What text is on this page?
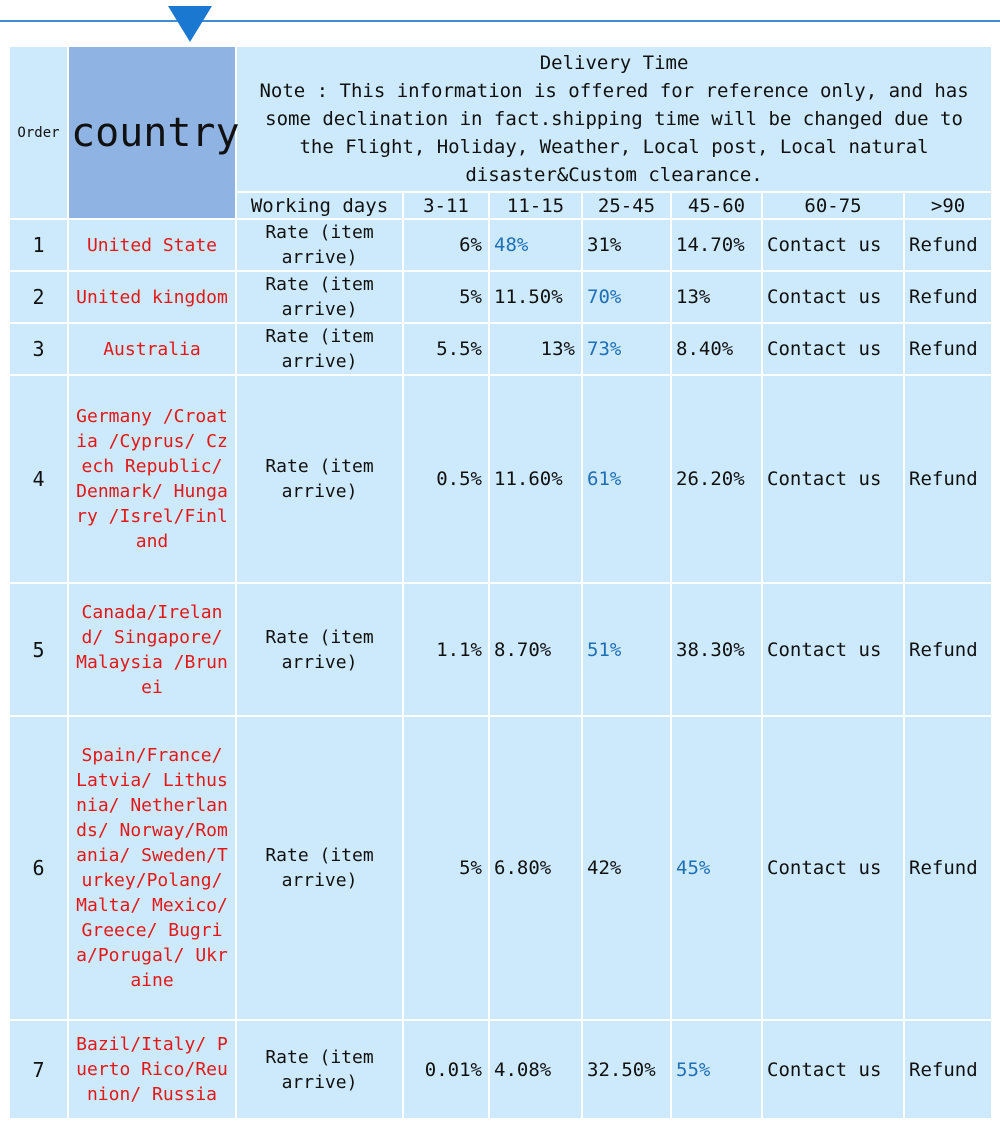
Order	country	Delivery Time
Note : This information is offered for reference only, and has some declination in fact.shipping time will be changed due to the Flight, Holiday, Weather, Local post, Local natural disaster&Custom clearance.						

		Working days	3-11	11-15	25-45	45-60	60-75	>90
1	United State	Rate (item arrive)	6%	48%	31%	14.70%	Contact us	Refund
2	United kingdom	Rate (item arrive)	5%	11.50%	70%	13%	Contact us	Refund
3	Australia	Rate (item arrive)	5.5%	13%	73%	8.40%	Contact us	Refund
4	Germany /Croatia /Cyprus/ Czech Republic/ Denmark/ Hungary /Isrel/Finland	Rate (item arrive)	0.5%	11.60%	61%	26.20%	Contact us	Refund
5	Canada/Ireland/ Singapore/ Malaysia /Brunei	Rate (item arrive)	1.1%	8.70%	51%	38.30%	Contact us	Refund
6	Spain/France/ Latvia/ Lithusnia/ Netherlands/ Norway/Romania/ Sweden/Turkey/Polang/ Malta/ Mexico/Greece/ Bugria/Porugal/ Ukraine	Rate (item arrive)	5%	6.80%	42%	45%	Contact us	Refund
7	Bazil/Italy/ Puerto Rico/Reunion/ Russia	Rate (item arrive)	0.01%	4.08%	32.50%	55%	Contact us	Refund
